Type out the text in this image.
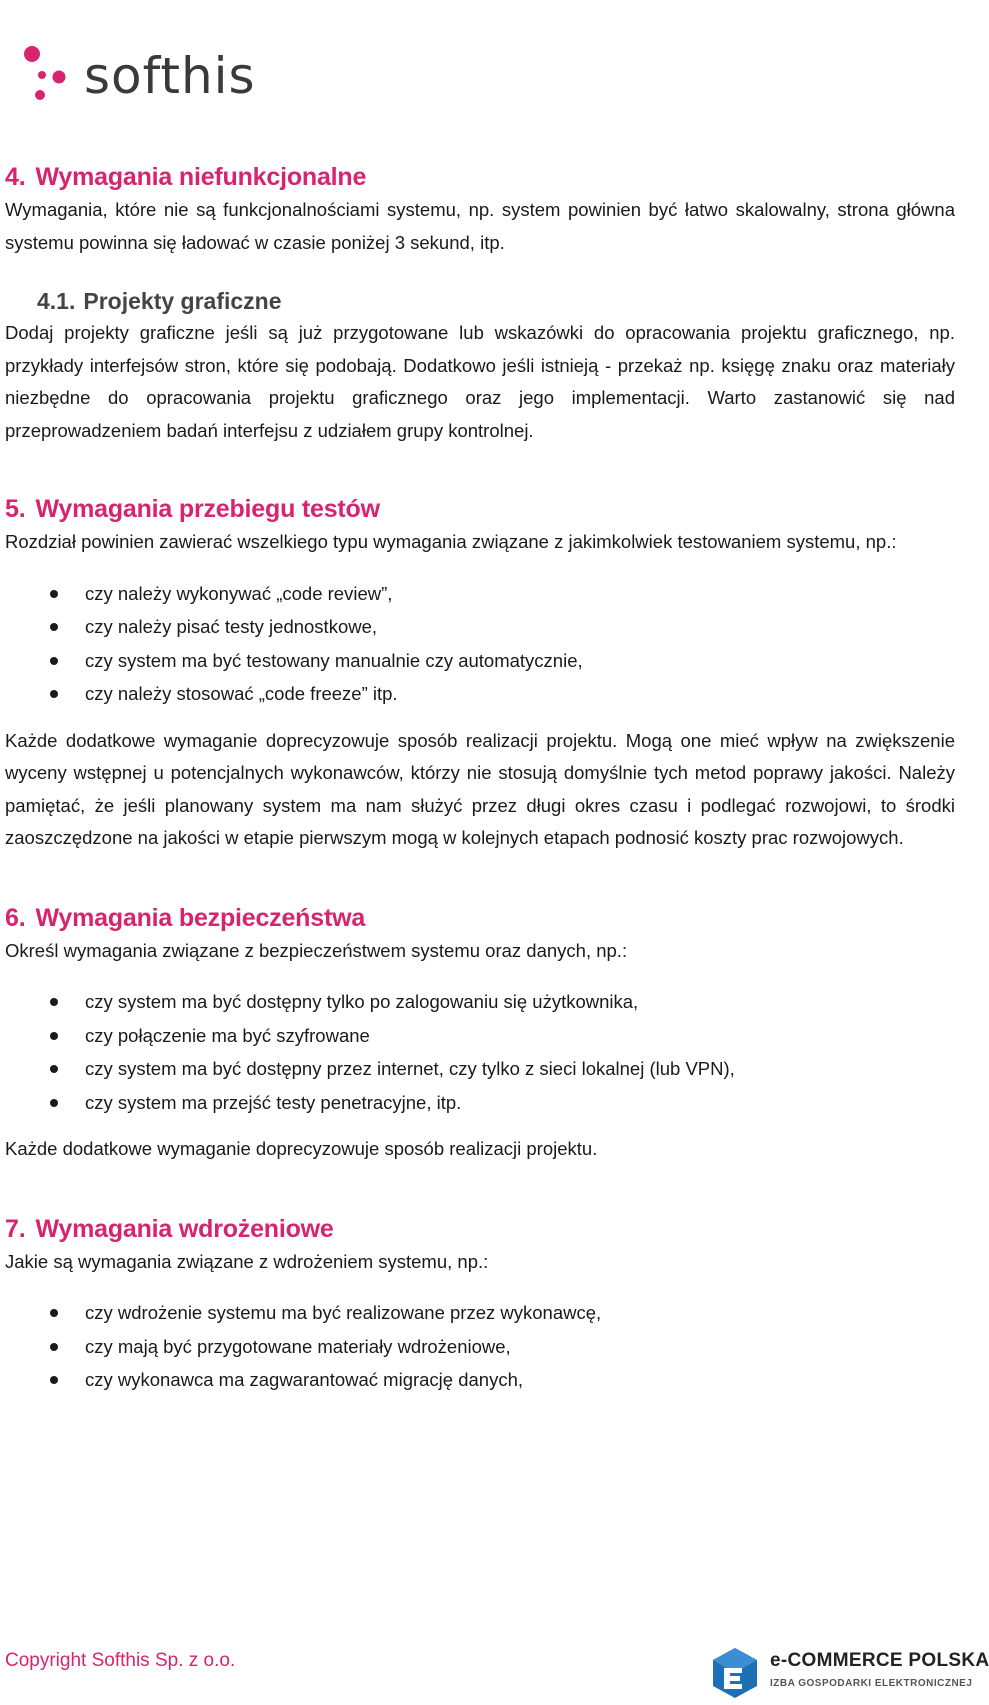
softhis
4. Wymagania niefunkcjonalne

Wymagania, które nie są funkcjonalnościami systemu, np. system powinien być łatwo skalowalny, strona główna systemu powinna się ładować w czasie poniżej 3 sekund, itp.

4.1. Projekty graficzne

Dodaj projekty graficzne jeśli są już przygotowane lub wskazówki do opracowania projektu graficznego, np. przykłady interfejsów stron, które się podobają. Dodatkowo jeśli istnieją - przekaż np. księgę znaku oraz materiały niezbędne do opracowania projektu graficznego oraz jego implementacji. Warto zastanowić się nad przeprowadzeniem badań interfejsu z udziałem grupy kontrolnej.

5. Wymagania przebiegu testów

Rozdział powinien zawierać wszelkiego typu wymagania związane z jakimkolwiek testowaniem systemu, np.:

czy należy wykonywać „code review”,
czy należy pisać testy jednostkowe,
czy system ma być testowany manualnie czy automatycznie,
czy należy stosować „code freeze” itp.

Każde dodatkowe wymaganie doprecyzowuje sposób realizacji projektu. Mogą one mieć wpływ na zwiększenie wyceny wstępnej u potencjalnych wykonawców, którzy nie stosują domyślnie tych metod poprawy jakości. Należy pamiętać, że jeśli planowany system ma nam służyć przez długi okres czasu i podlegać rozwojowi, to środki zaoszczędzone na jakości w etapie pierwszym mogą w kolejnych etapach podnosić koszty prac rozwojowych.

6. Wymagania bezpieczeństwa

Określ wymagania związane z bezpieczeństwem systemu oraz danych, np.:

czy system ma być dostępny tylko po zalogowaniu się użytkownika,
czy połączenie ma być szyfrowane
czy system ma być dostępny przez internet, czy tylko z sieci lokalnej (lub VPN),
czy system ma przejść testy penetracyjne, itp.

Każde dodatkowe wymaganie doprecyzowuje sposób realizacji projektu.

7. Wymagania wdrożeniowe

Jakie są wymagania związane z wdrożeniem systemu, np.:

czy wdrożenie systemu ma być realizowane przez wykonawcę,
czy mają być przygotowane materiały wdrożeniowe,
czy wykonawca ma zagwarantować migrację danych,
Copyright Softhis Sp. z o.o.	e-COMMERCE POLSKA
IZBA GOSPODARKI ELEKTRONICZNEJ
